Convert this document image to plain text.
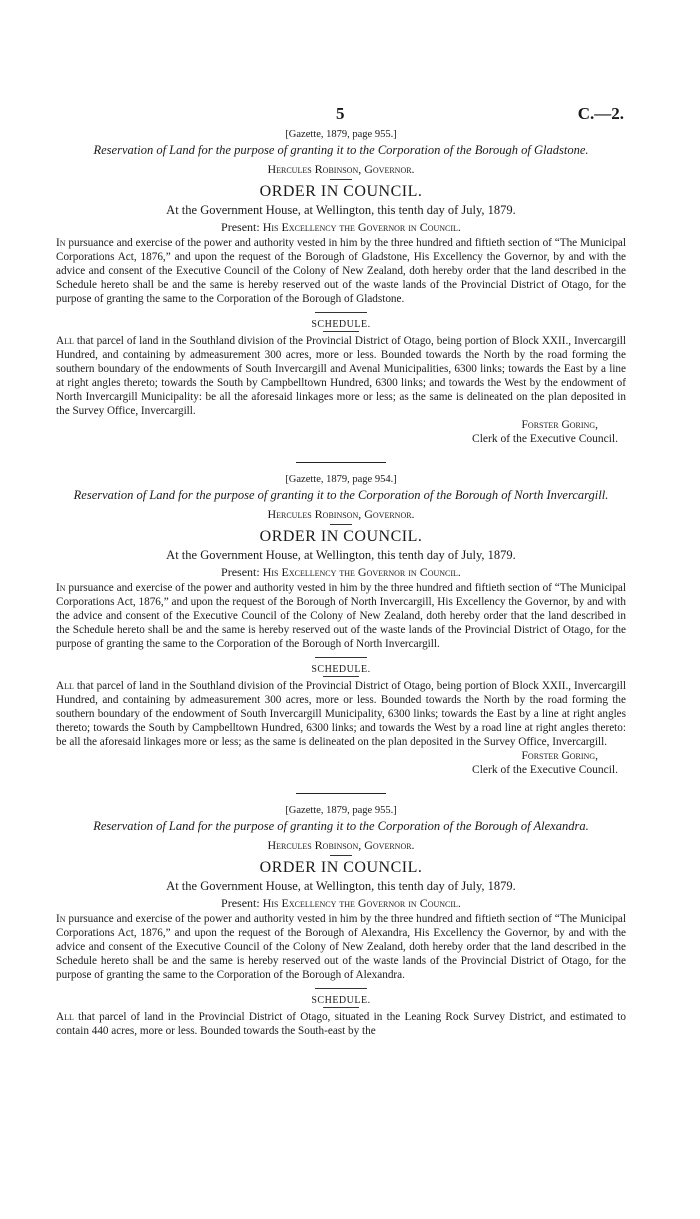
5	C.—2.
[Gazette, 1879, page 955.]
Reservation of Land for the purpose of granting it to the Corporation of the Borough of Gladstone.
Hercules Robinson, Governor.
ORDER IN COUNCIL.
At the Government House, at Wellington, this tenth day of July, 1879.
Present: His Excellency the Governor in Council.

In pursuance and exercise of the power and authority vested in him by the three hundred and fiftieth section of “The Municipal Corporations Act, 1876,” and upon the request of the Borough of Gladstone, His Excellency the Governor, by and with the advice and consent of the Executive Council of the Colony of New Zealand, doth hereby order that the land described in the Schedule hereto shall be and the same is hereby reserved out of the waste lands of the Provincial District of Otago, for the purpose of granting the same to the Corporation of the Borough of Gladstone.

SCHEDULE.

All that parcel of land in the Southland division of the Provincial District of Otago, being portion of Block XXII., Invercargill Hundred, and containing by admeasurement 300 acres, more or less. Bounded towards the North by the road forming the southern boundary of the endowments of South Invercargill and Avenal Municipalities, 6300 links; towards the East by a line at right angles thereto; towards the South by Campbelltown Hundred, 6300 links; and towards the West by the endowment of North Invercargill Municipality: be all the aforesaid linkages more or less; as the same is delineated on the plan deposited in the Survey Office, Invercargill.

Forster Goring,
Clerk of the Executive Council.
[Gazette, 1879, page 954.]
Reservation of Land for the purpose of granting it to the Corporation of the Borough of North Invercargill.
Hercules Robinson, Governor.
ORDER IN COUNCIL.
At the Government House, at Wellington, this tenth day of July, 1879.
Present: His Excellency the Governor in Council.

In pursuance and exercise of the power and authority vested in him by the three hundred and fiftieth section of “The Municipal Corporations Act, 1876,” and upon the request of the Borough of North Invercargill, His Excellency the Governor, by and with the advice and consent of the Executive Council of the Colony of New Zealand, doth hereby order that the land described in the Schedule hereto shall be and the same is hereby reserved out of the waste lands of the Provincial District of Otago, for the purpose of granting the same to the Corporation of the Borough of North Invercargill.

SCHEDULE.

All that parcel of land in the Southland division of the Provincial District of Otago, being portion of Block XXII., Invercargill Hundred, and containing by admeasurement 300 acres, more or less. Bounded towards the North by the road forming the southern boundary of the endowment of South Invercargill Municipality, 6300 links; towards the East by a line at right angles thereto; towards the South by Campbelltown Hundred, 6300 links; and towards the West by a road line at right angles thereto: be all the aforesaid linkages more or less; as the same is delineated on the plan deposited in the Survey Office, Invercargill.

Forster Goring,
Clerk of the Executive Council.
[Gazette, 1879, page 955.]
Reservation of Land for the purpose of granting it to the Corporation of the Borough of Alexandra.
Hercules Robinson, Governor.
ORDER IN COUNCIL.
At the Government House, at Wellington, this tenth day of July, 1879.
Present: His Excellency the Governor in Council.

In pursuance and exercise of the power and authority vested in him by the three hundred and fiftieth section of “The Municipal Corporations Act, 1876,” and upon the request of the Borough of Alexandra, His Excellency the Governor, by and with the advice and consent of the Executive Council of the Colony of New Zealand, doth hereby order that the land described in the Schedule hereto shall be and the same is hereby reserved out of the waste lands of the Provincial District of Otago, for the purpose of granting the same to the Corporation of the Borough of Alexandra.

SCHEDULE.

All that parcel of land in the Provincial District of Otago, situated in the Leaning Rock Survey District, and estimated to contain 440 acres, more or less. Bounded towards the South-east by the
